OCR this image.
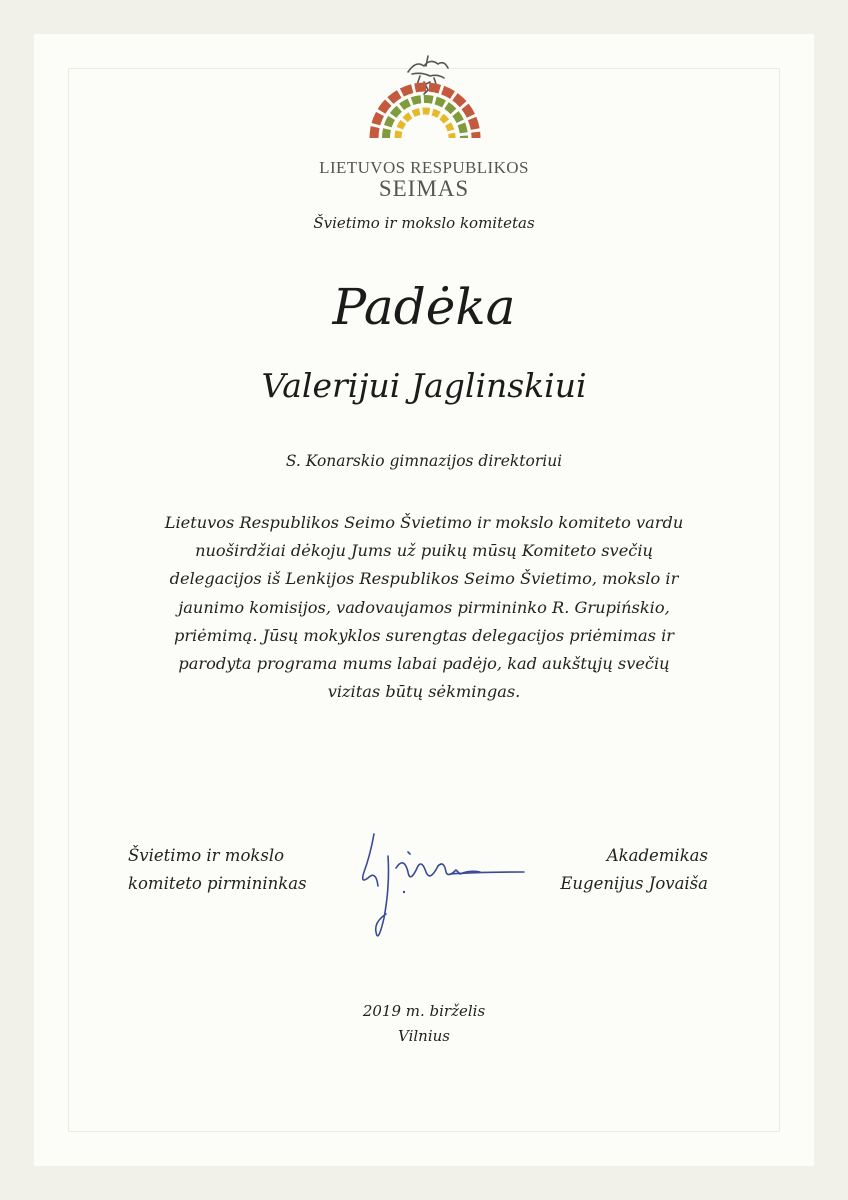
LIETUVOS RESPUBLIKOS
SEIMAS
Švietimo ir mokslo komitetas
Padėka
Valerijui Jaglinskiui
S. Konarskio gimnazijos direktoriui
Lietuvos Respublikos Seimo Švietimo ir mokslo komiteto vardu
nuoširdžiai dėkoju Jums už puikų mūsų Komiteto svečių
delegacijos iš Lenkijos Respublikos Seimo Švietimo, mokslo ir
jaunimo komisijos, vadovaujamos pirmininko R. Grupińskio,
priėmimą. Jūsų mokyklos surengtas delegacijos priėmimas ir
parodyta programa mums labai padėjo, kad aukštųjų svečių
vizitas būtų sėkmingas.
Švietimo ir mokslo
komiteto pirmininkas
Akademikas
Eugenijus Jovaiša
2019 m. birželis
Vilnius
